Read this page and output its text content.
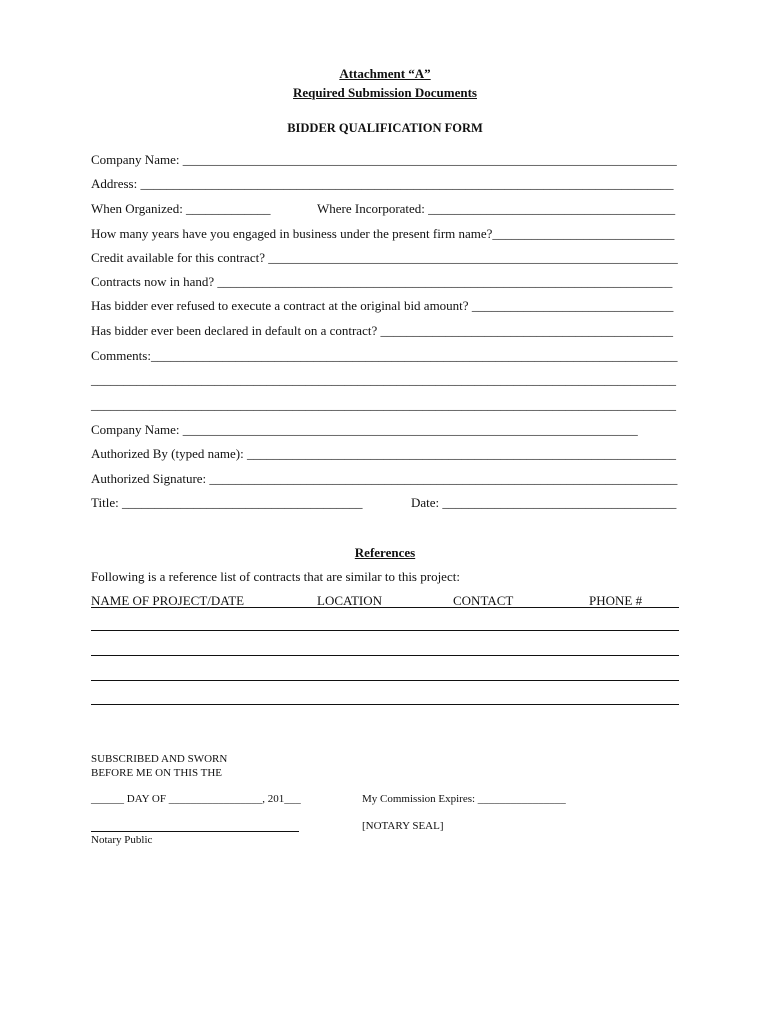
Attachment “A”
Required Submission Documents
BIDDER QUALIFICATION FORM
Company Name: ____________________________________________________________________________
Address: __________________________________________________________________________________
When Organized: _____________	Where Incorporated: ______________________________________
How many years have you engaged in business under the present firm name?____________________________
Credit available for this contract? _______________________________________________________________
Contracts now in hand? ______________________________________________________________________
Has bidder ever refused to execute a contract at the original bid amount? _______________________________
Has bidder ever been declared in default on a contract? _____________________________________________
Comments:_________________________________________________________________________________
__________________________________________________________________________________________
__________________________________________________________________________________________
Company Name: ______________________________________________________________________
Authorized By (typed name): __________________________________________________________________
Authorized Signature: ________________________________________________________________________
Title: _____________________________________	Date: ____________________________________
References
Following is a reference list of contracts that are similar to this project:
NAME OF PROJECT/DATE	LOCATION	CONTACT	PHONE #
SUBSCRIBED AND SWORN
BEFORE ME ON THIS THE
______ DAY OF _________________, 201___	My Commission Expires: ________________
[NOTARY SEAL]
Notary Public
